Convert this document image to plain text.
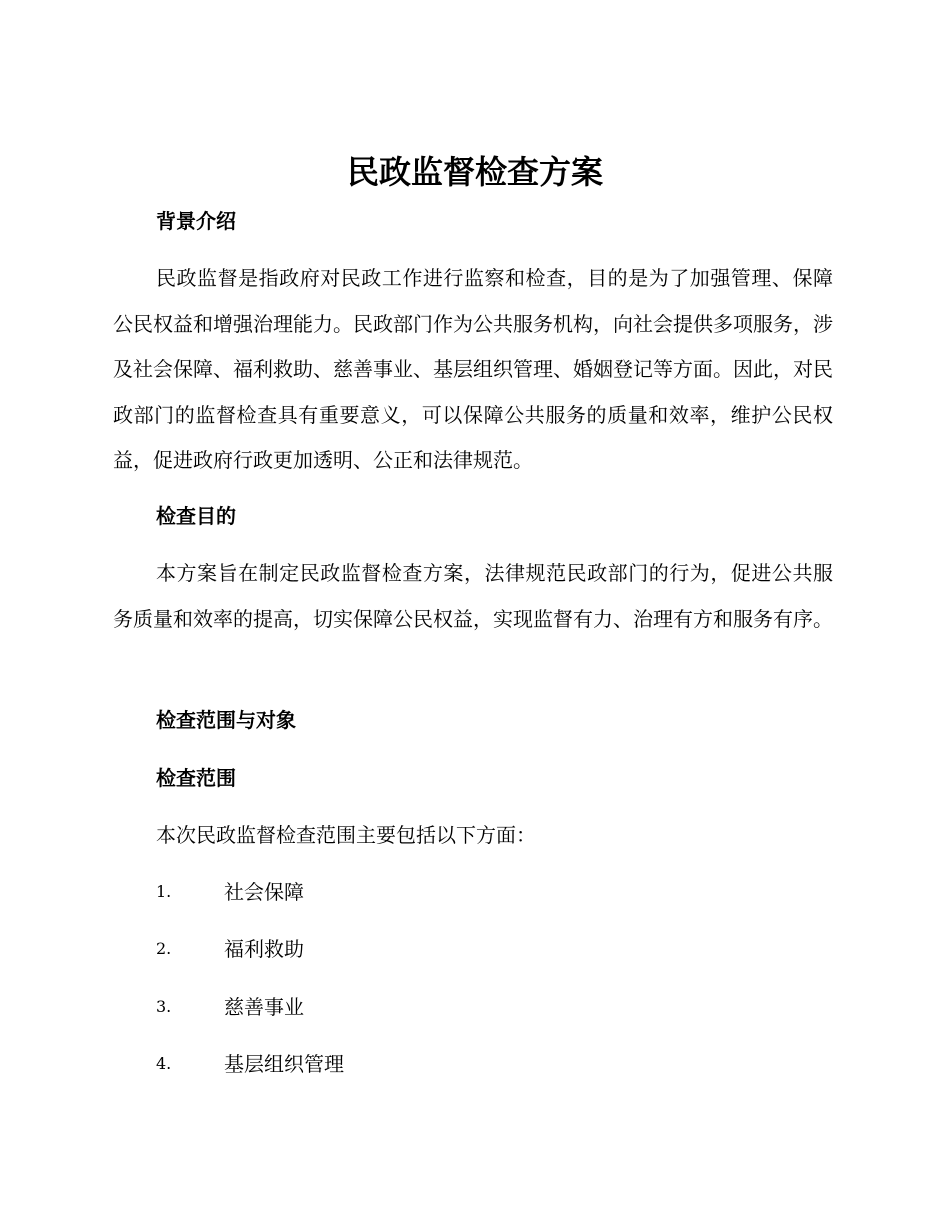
民政监督检查方案
背景介绍

民政监督是指政府对民政工作进行监察和检查，目的是为了加强管理、保障公民权益和增强治理能力。民政部门作为公共服务机构，向社会提供多项服务，涉及社会保障、福利救助、慈善事业、基层组织管理、婚姻登记等方面。因此，对民政部门的监督检查具有重要意义，可以保障公共服务的质量和效率，维护公民权益，促进政府行政更加透明、公正和法律规范。

检查目的

本方案旨在制定民政监督检查方案，法律规范民政部门的行为，促进公共服务质量和效率的提高，切实保障公民权益，实现监督有力、治理有方和服务有序。

检查范围与对象
检查范围

本次民政监督检查范围主要包括以下方面：

1.	社会保障
2.	福利救助
3.	慈善事业
4.	基层组织管理
